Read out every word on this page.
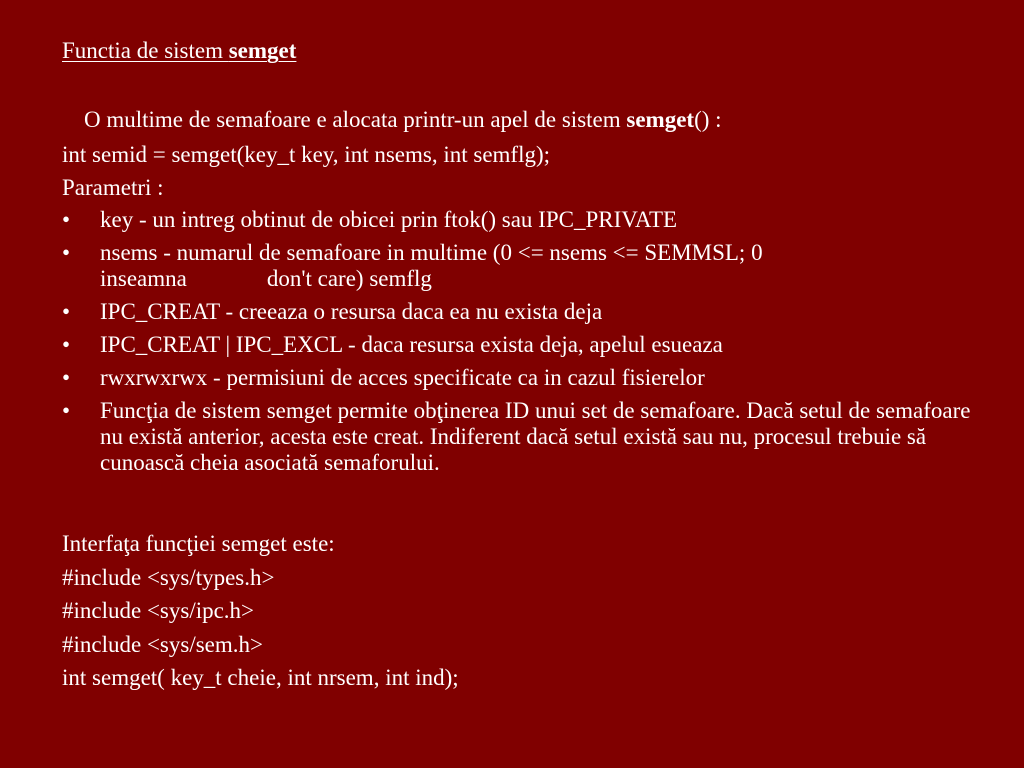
Functia de sistem semget
O multime de semafoare e alocata printr-un apel de sistem semget() :
int semid = semget(key_t key, int nsems, int semflg);
Parametri :
• key - un intreg obtinut de obicei prin ftok() sau IPC_PRIVATE
• nsems - numarul de semafoare in multime (0 <= nsems <= SEMMSL; 0
inseamna	don't care) semflg
• IPC_CREAT - creeaza o resursa daca ea nu exista deja
• IPC_CREAT | IPC_EXCL - daca resursa exista deja, apelul esueaza
• rwxrwxrwx - permisiuni de acces specificate ca in cazul fisierelor
• Funcţia de sistem semget permite obţinerea ID unui set de semafoare. Dacă setul de semafoare nu există anterior, acesta este creat. Indiferent dacă setul există sau nu, procesul trebuie să cunoască cheia asociată semaforului.
Interfaţa funcţiei semget este:
#include <sys/types.h>
#include <sys/ipc.h>
#include <sys/sem.h>
int semget( key_t cheie, int nrsem, int ind);
